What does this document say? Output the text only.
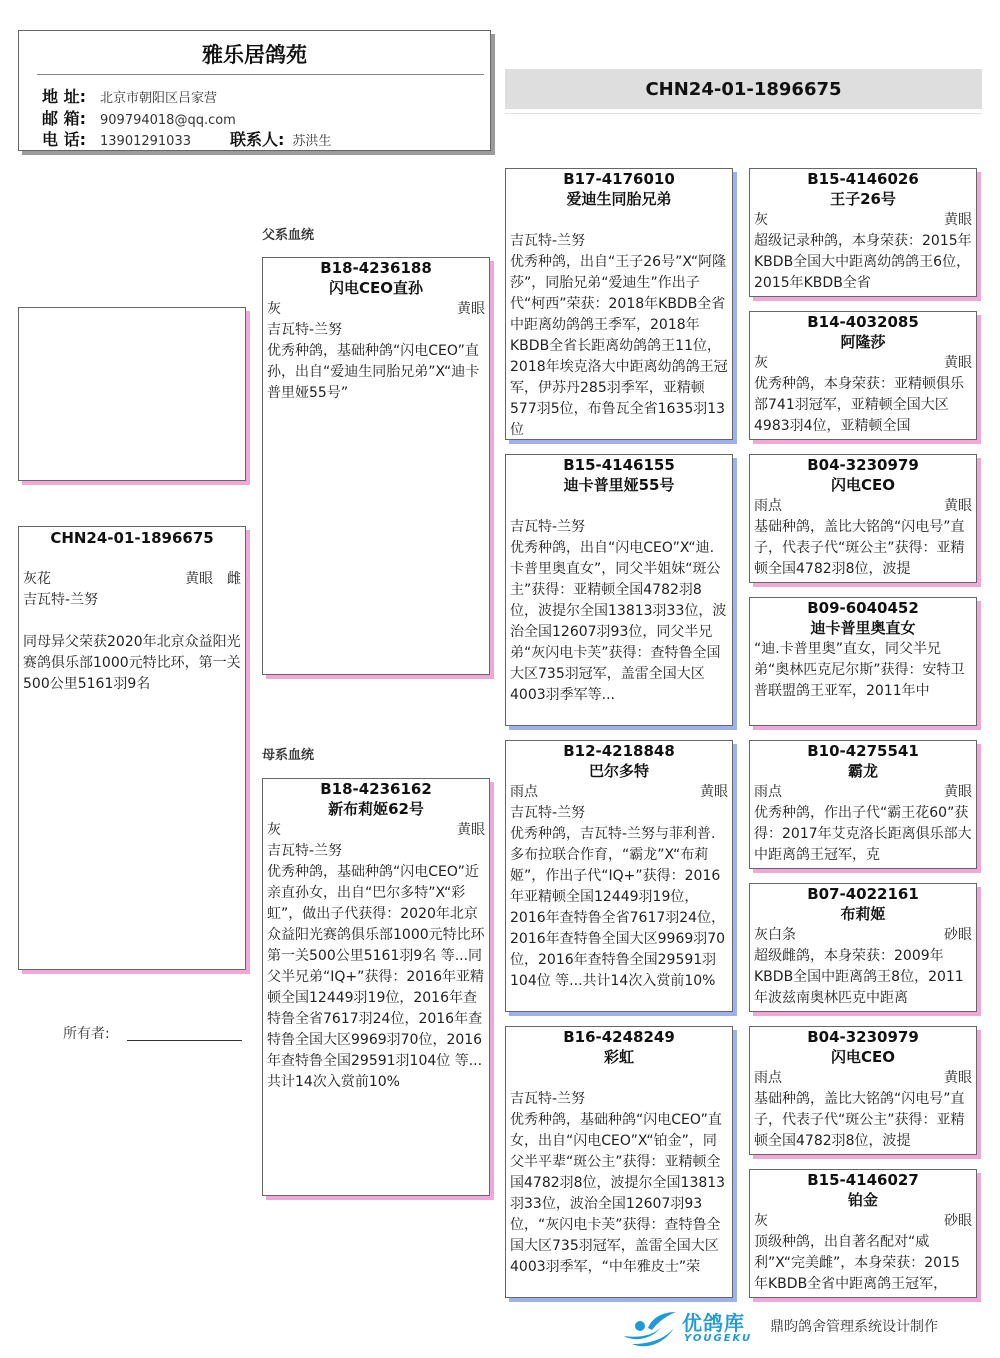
雅乐居鸽苑
地 址:	北京市朝阳区吕家营
邮 箱:	909794018@qq.com
电 话:	13901291033	联系人: 苏洪生
CHN24-01-1896675
CHN24-01-1896675
灰花	黄眼 雌
吉瓦特-兰努
同母异父荣获2020年北京众益阳光赛鸽俱乐部1000元特比环，第一关500公里5161羽9名
所有者:
父系血统
母系血统
B18-4236188
闪电CEO直孙
灰	黄眼
吉瓦特-兰努
优秀种鸽，基础种鸽“闪电CEO”直孙，出自“爱迪生同胎兄弟”X“迪卡普里娅55号”
B18-4236162
新布莉姬62号
灰	黄眼
吉瓦特-兰努
优秀种鸽，基础种鸽“闪电CEO”近亲直孙女，出自“巴尔多特”X“彩虹”，做出子代获得：2020年北京众益阳光赛鸽俱乐部1000元特比环第一关500公里5161羽9名 等...同父半兄弟“IQ+”获得：2016年亚精顿全国12449羽19位，2016年查特鲁全省7617羽24位，2016年查特鲁全国大区9969羽70位，2016年查特鲁全国29591羽104位 等...共计14次入赏前10%
B17-4176010
爱迪生同胎兄弟
吉瓦特-兰努
优秀种鸽，出自“王子26号”X“阿隆莎”，同胎兄弟“爱迪生”作出子代“柯西”荣获：2018年KBDB全省中距离幼鸽鸽王季军，2018年KBDB全省长距离幼鸽鸽王11位，2018年埃克洛大中距离幼鸽鸽王冠军，伊苏丹285羽季军，亚精顿577羽5位，布鲁瓦全省1635羽13位
B15-4146155
迪卡普里娅55号
吉瓦特-兰努
优秀种鸽，出自“闪电CEO”X“迪.卡普里奥直女”，同父半姐妹“斑公主”获得：亚精顿全国4782羽8位，波提尔全国13813羽33位，波治全国12607羽93位，同父半兄弟“灰闪电卡芙”获得：查特鲁全国大区735羽冠军，盖雷全国大区4003羽季军等...
B12-4218848
巴尔多特
雨点	黄眼
吉瓦特-兰努
优秀种鸽，吉瓦特-兰努与菲利普.多布拉联合作育，“霸龙”X“布莉姬”，作出子代“IQ+”获得：2016年亚精顿全国12449羽19位，2016年查特鲁全省7617羽24位，2016年查特鲁全国大区9969羽70位，2016年查特鲁全国29591羽104位 等...共计14次入赏前10%
B16-4248249
彩虹
吉瓦特-兰努
优秀种鸽，基础种鸽“闪电CEO”直女，出自“闪电CEO”X“铂金”，同父半平辈“斑公主”获得：亚精顿全国4782羽8位，波提尔全国13813羽33位，波治全国12607羽93位，“灰闪电卡芙”获得：查特鲁全国大区735羽冠军，盖雷全国大区4003羽季军，“中年雅皮士”荣
B15-4146026
王子26号
灰	黄眼
超级记录种鸽，本身荣获：2015年KBDB全国大中距离幼鸽鸽王6位，2015年KBDB全省
B14-4032085
阿隆莎
灰	黄眼
优秀种鸽，本身荣获：亚精顿俱乐部741羽冠军，亚精顿全国大区4983羽4位，亚精顿全国
B04-3230979
闪电CEO
雨点	黄眼
基础种鸽，盖比大铭鸽“闪电号”直子，代表子代“斑公主”获得：亚精顿全国4782羽8位，波提
B09-6040452
迪卡普里奥直女
“迪.卡普里奥”直女，同父半兄弟“奥林匹克尼尔斯”获得：安特卫普联盟鸽王亚军，2011年中
B10-4275541
霸龙
雨点	黄眼
优秀种鸽，作出子代“霸王花60”获得：2017年艾克洛长距离俱乐部大中距离鸽王冠军，克
B07-4022161
布莉姬
灰白条	砂眼
超级雌鸽，本身荣获：2009年KBDB全国中距离鸽王8位，2011年波兹南奥林匹克中距离
B04-3230979
闪电CEO
雨点	黄眼
基础种鸽，盖比大铭鸽“闪电号”直子，代表子代“斑公主”获得：亚精顿全国4782羽8位，波提
B15-4146027
铂金
灰	砂眼
顶级种鸽，出自著名配对“威利”X“完美雌”，本身荣获：2015年KBDB全省中距离鸽王冠军，
优鸽库
YOUGEKU
鼎昀鸽舍管理系统设计制作
